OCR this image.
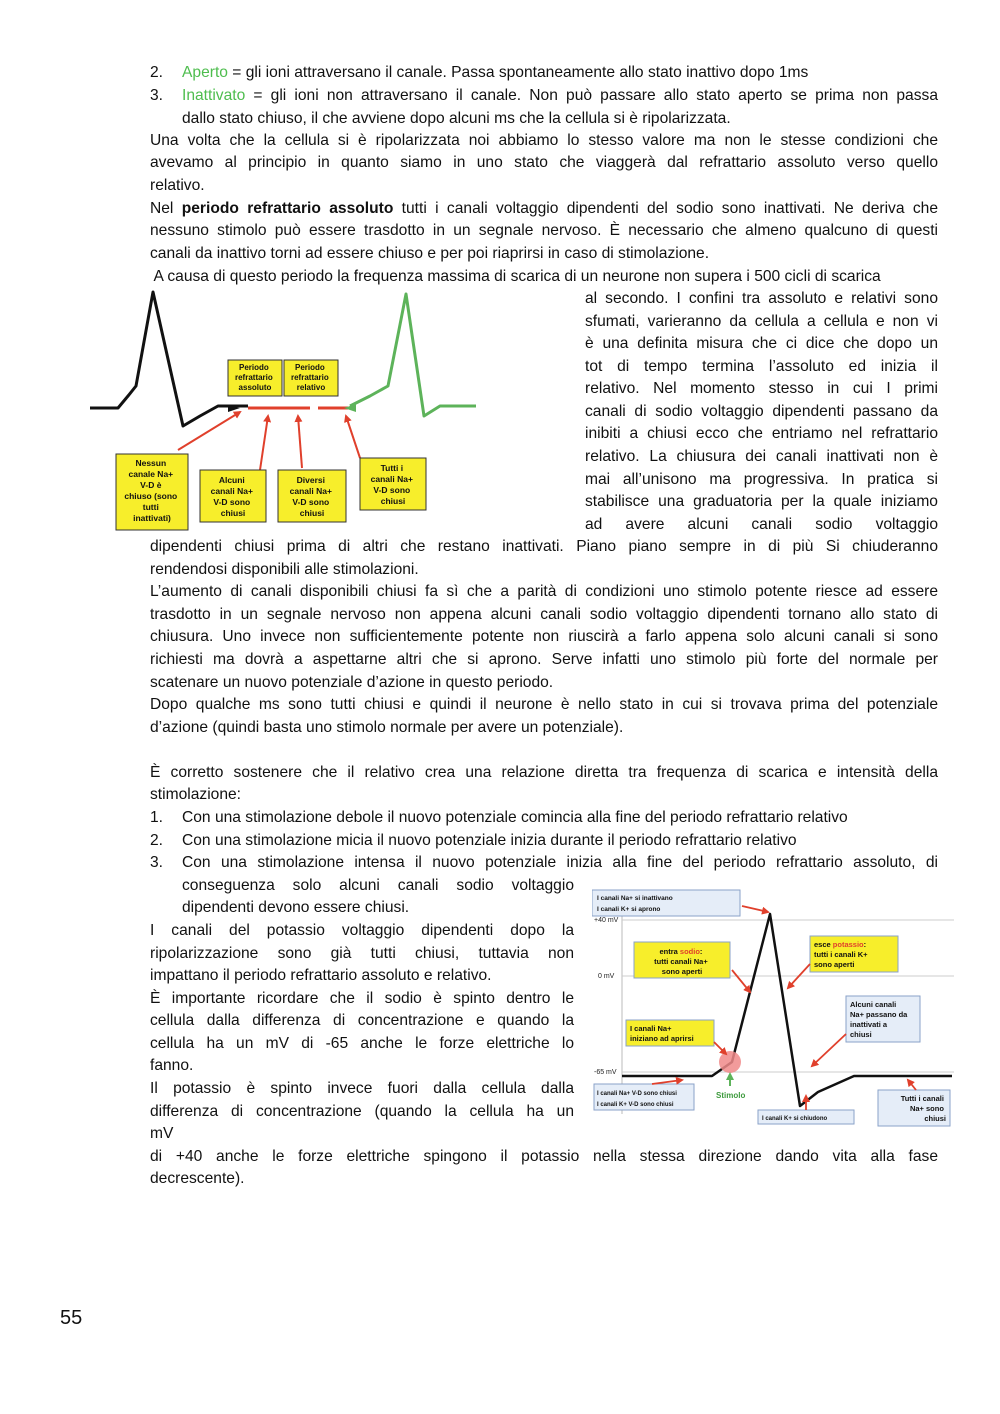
2. Aperto = gli ioni attraversano il canale. Passa spontaneamente allo stato inattivo dopo 1ms

3. Inattivato = gli ioni non attraversano il canale. Non può passare allo stato aperto se prima non passa

dallo stato chiuso, il che avviene dopo alcuni ms che la cellula si è ripolarizzata.

Una volta che la cellula si è ripolarizzata noi abbiamo lo stesso valore ma non le stesse condizioni che

avevamo al principio in quanto siamo in uno stato che viaggerà dal refrattario assoluto verso quello

relativo.

Nel periodo refrattario assoluto tutti i canali voltaggio dipendenti del sodio sono inattivati. Ne deriva che

nessuno stimolo può essere trasdotto in un segnale nervoso. È necessario che almeno qualcuno di questi

canali da inattivo torni ad essere chiuso e per poi riaprirsi in caso di stimolazione.

A causa di questo periodo la frequenza massima di scarica di un neurone non supera i 500 cicli di scarica

al secondo. I confini tra assoluto e relativi sono

sfumati, varieranno da cellula a cellula e non vi

è una definita misura che ci dice che dopo un

tot di tempo termina l’assoluto ed inizia il

relativo. Nel momento stesso in cui I primi

canali di sodio voltaggio dipendenti passano da

inibiti a chiusi ecco che entriamo nel refrattario

relativo. La chiusura dei canali inattivati non è

mai all’unisono ma progressiva. In pratica si

stabilisce una graduatoria per la quale iniziamo

ad avere alcuni canali sodio voltaggio

dipendenti chiusi prima di altri che restano inattivati. Piano piano sempre in di più Si chiuderanno

rendendosi disponibili alle stimolazioni.

L’aumento di canali disponibili chiusi fa sì che a parità di condizioni uno stimolo potente riesce ad essere

trasdotto in un segnale nervoso non appena alcuni canali sodio voltaggio dipendenti tornano allo stato di

chiusura. Uno invece non sufficientemente potente non riuscirà a farlo appena solo alcuni canali si sono

richiesti ma dovrà a aspettarne altri che si aprono. Serve infatti uno stimolo più forte del normale per

scatenare un nuovo potenziale d’azione in questo periodo.

Dopo qualche ms sono tutti chiusi e quindi il neurone è nello stato in cui si trovava prima del potenziale

d’azione (quindi basta uno stimolo normale per avere un potenziale).

È corretto sostenere che il relativo crea una relazione diretta tra frequenza di scarica e intensità della

stimolazione:

1. Con una stimolazione debole il nuovo potenziale comincia alla fine del periodo refrattario relativo

2. Con una stimolazione micia il nuovo potenziale inizia durante il periodo refrattario relativo

3. Con una stimolazione intensa il nuovo potenziale inizia alla fine del periodo refrattario assoluto, di

conseguenza solo alcuni canali sodio voltaggio

dipendenti devono essere chiusi.

I canali del potassio voltaggio dipendenti dopo la

ripolarizzazione sono già tutti chiusi, tuttavia non

impattano il periodo refrattario assoluto e relativo.

È importante ricordare che il sodio è spinto dentro le

cellula dalla differenza di concentrazione e quando la

cellula ha un mV di -65 anche le forze elettriche lo

fanno.

Il potassio è spinto invece fuori dalla cellula dalla

differenza di concentrazione (quando la cellula ha un

mV

di +40 anche le forze elettriche spingono il potassio nella stessa direzione dando vita alla fase

decrescente).

Periodo refrattario assoluto
Periodo refrattario relativo
Nessun canale Na+ V-D è chiuso (sono tutti inattivati)
Alcuni canali Na+ V-D sono chiusi
Diversi canali Na+ V-D sono chiusi
Tutti i canali Na+ V-D sono chiusi
+40 mV
0 mV
-65 mV
Stimolo
I canali Na+ si inattivano I canali K+ si aprono
entra sodio: tutti canali Na+ sono aperti
esce potassio: tutti i canali K+ sono aperti
Alcuni canali Na+ passano da inattivati a chiusi
I canali Na+ iniziano ad aprirsi
I canali Na+ V-D sono chiusi I canali K+ V-D sono chiusi
I canali K+ si chiudono
Tutti i canali Na+ sono chiusi
55
